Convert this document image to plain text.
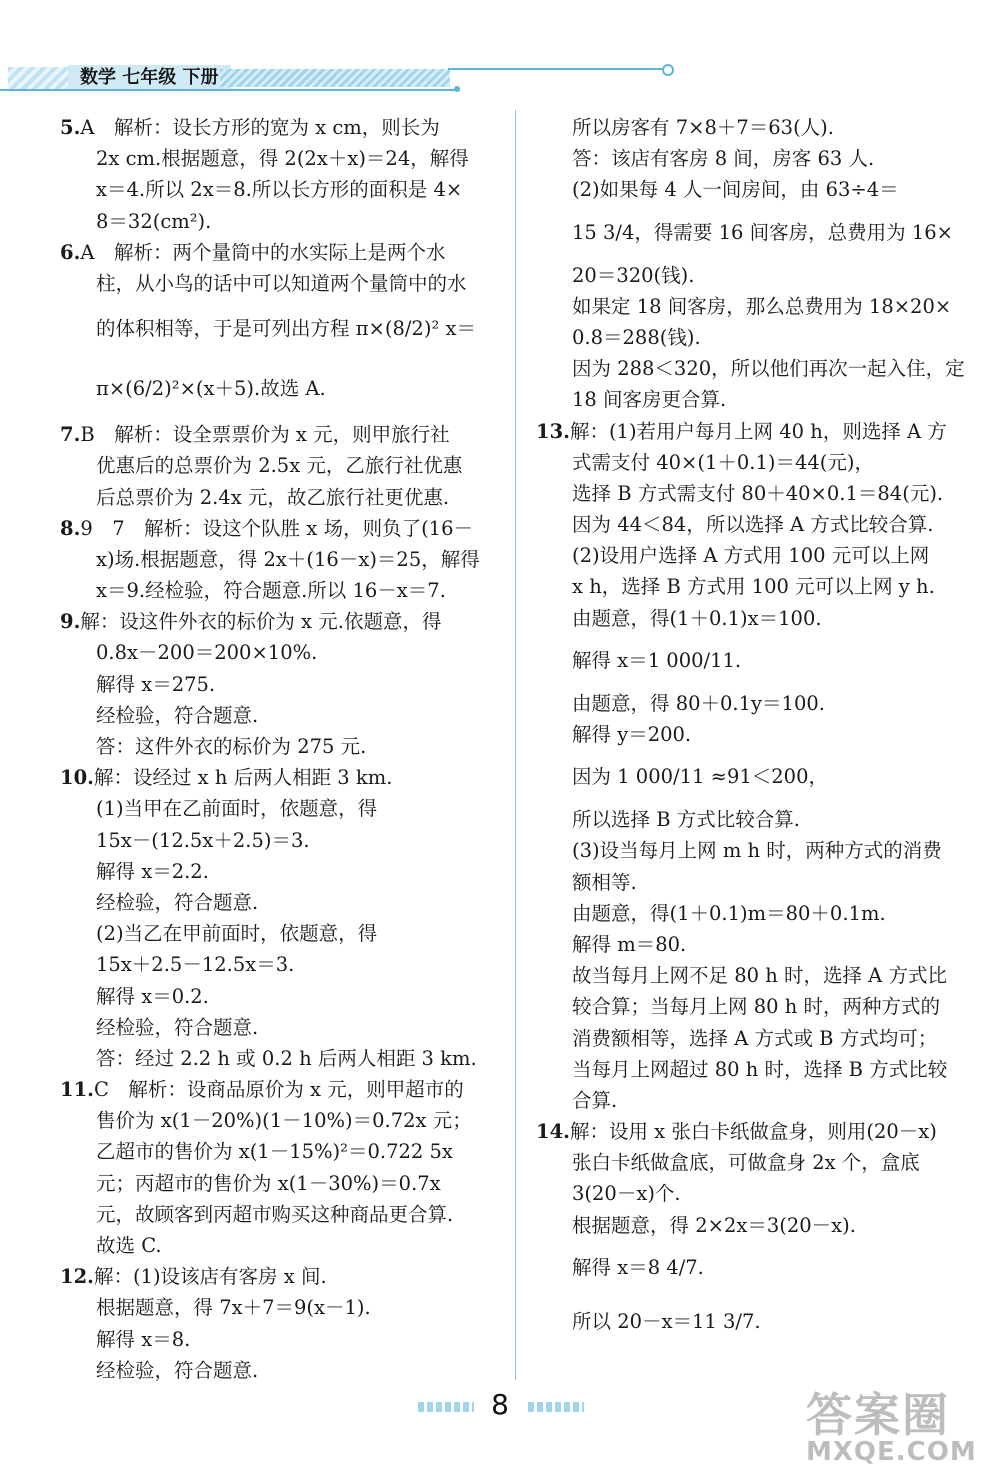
数学 七年级 下册
5.A　解析：设长方形的宽为 x cm，则长为
2x cm.根据题意，得 2(2x＋x)＝24，解得
x＝4.所以 2x＝8.所以长方形的面积是 4×
8＝32(cm²).
6.A　解析：两个量筒中的水实际上是两个水
柱，从小鸟的话中可以知道两个量筒中的水
的体积相等，于是可列出方程 π×(8/2)² x＝
π×(6/2)²×(x＋5).故选 A.
7.B　解析：设全票票价为 x 元，则甲旅行社
优惠后的总票价为 2.5x 元，乙旅行社优惠
后总票价为 2.4x 元，故乙旅行社更优惠.
8.9　7　解析：设这个队胜 x 场，则负了(16－
x)场.根据题意，得 2x＋(16－x)＝25，解得
x＝9.经检验，符合题意.所以 16－x＝7.
9.解：设这件外衣的标价为 x 元.依题意，得
0.8x－200＝200×10%.
解得 x＝275.
经检验，符合题意.
答：这件外衣的标价为 275 元.
10.解：设经过 x h 后两人相距 3 km.
(1)当甲在乙前面时，依题意，得
15x－(12.5x＋2.5)＝3.
解得 x＝2.2.
经检验，符合题意.
(2)当乙在甲前面时，依题意，得
15x＋2.5－12.5x＝3.
解得 x＝0.2.
经检验，符合题意.
答：经过 2.2 h 或 0.2 h 后两人相距 3 km.
11.C　解析：设商品原价为 x 元，则甲超市的
售价为 x(1－20%)(1－10%)＝0.72x 元；
乙超市的售价为 x(1－15%)²＝0.722 5x
元；丙超市的售价为 x(1－30%)＝0.7x
元，故顾客到丙超市购买这种商品更合算.
故选 C.
12.解：(1)设该店有客房 x 间.
根据题意，得 7x＋7＝9(x－1).
解得 x＝8.
经检验，符合题意.
所以房客有 7×8＋7＝63(人).
答：该店有客房 8 间，房客 63 人.
(2)如果每 4 人一间房间，由 63÷4＝
15 3/4，得需要 16 间客房，总费用为 16×
20＝320(钱).
如果定 18 间客房，那么总费用为 18×20×
0.8＝288(钱).
因为 288＜320，所以他们再次一起入住，定
18 间客房更合算.
13.解：(1)若用户每月上网 40 h，则选择 A 方
式需支付 40×(1＋0.1)＝44(元)，
选择 B 方式需支付 80＋40×0.1＝84(元).
因为 44＜84，所以选择 A 方式比较合算.
(2)设用户选择 A 方式用 100 元可以上网
x h，选择 B 方式用 100 元可以上网 y h.
由题意，得(1＋0.1)x＝100.
解得 x＝1 000/11.
由题意，得 80＋0.1y＝100.
解得 y＝200.
因为 1 000/11 ≈91＜200，
所以选择 B 方式比较合算.
(3)设当每月上网 m h 时，两种方式的消费
额相等.
由题意，得(1＋0.1)m＝80＋0.1m.
解得 m＝80.
故当每月上网不足 80 h 时，选择 A 方式比
较合算；当每月上网 80 h 时，两种方式的
消费额相等，选择 A 方式或 B 方式均可；
当每月上网超过 80 h 时，选择 B 方式比较
合算.
14.解：设用 x 张白卡纸做盒身，则用(20－x)
张白卡纸做盒底，可做盒身 2x 个，盒底
3(20－x)个.
根据题意，得 2×2x＝3(20－x).
解得 x＝8 4/7.
所以 20－x＝11 3/7.
8	答案圈
MXQE.COM
